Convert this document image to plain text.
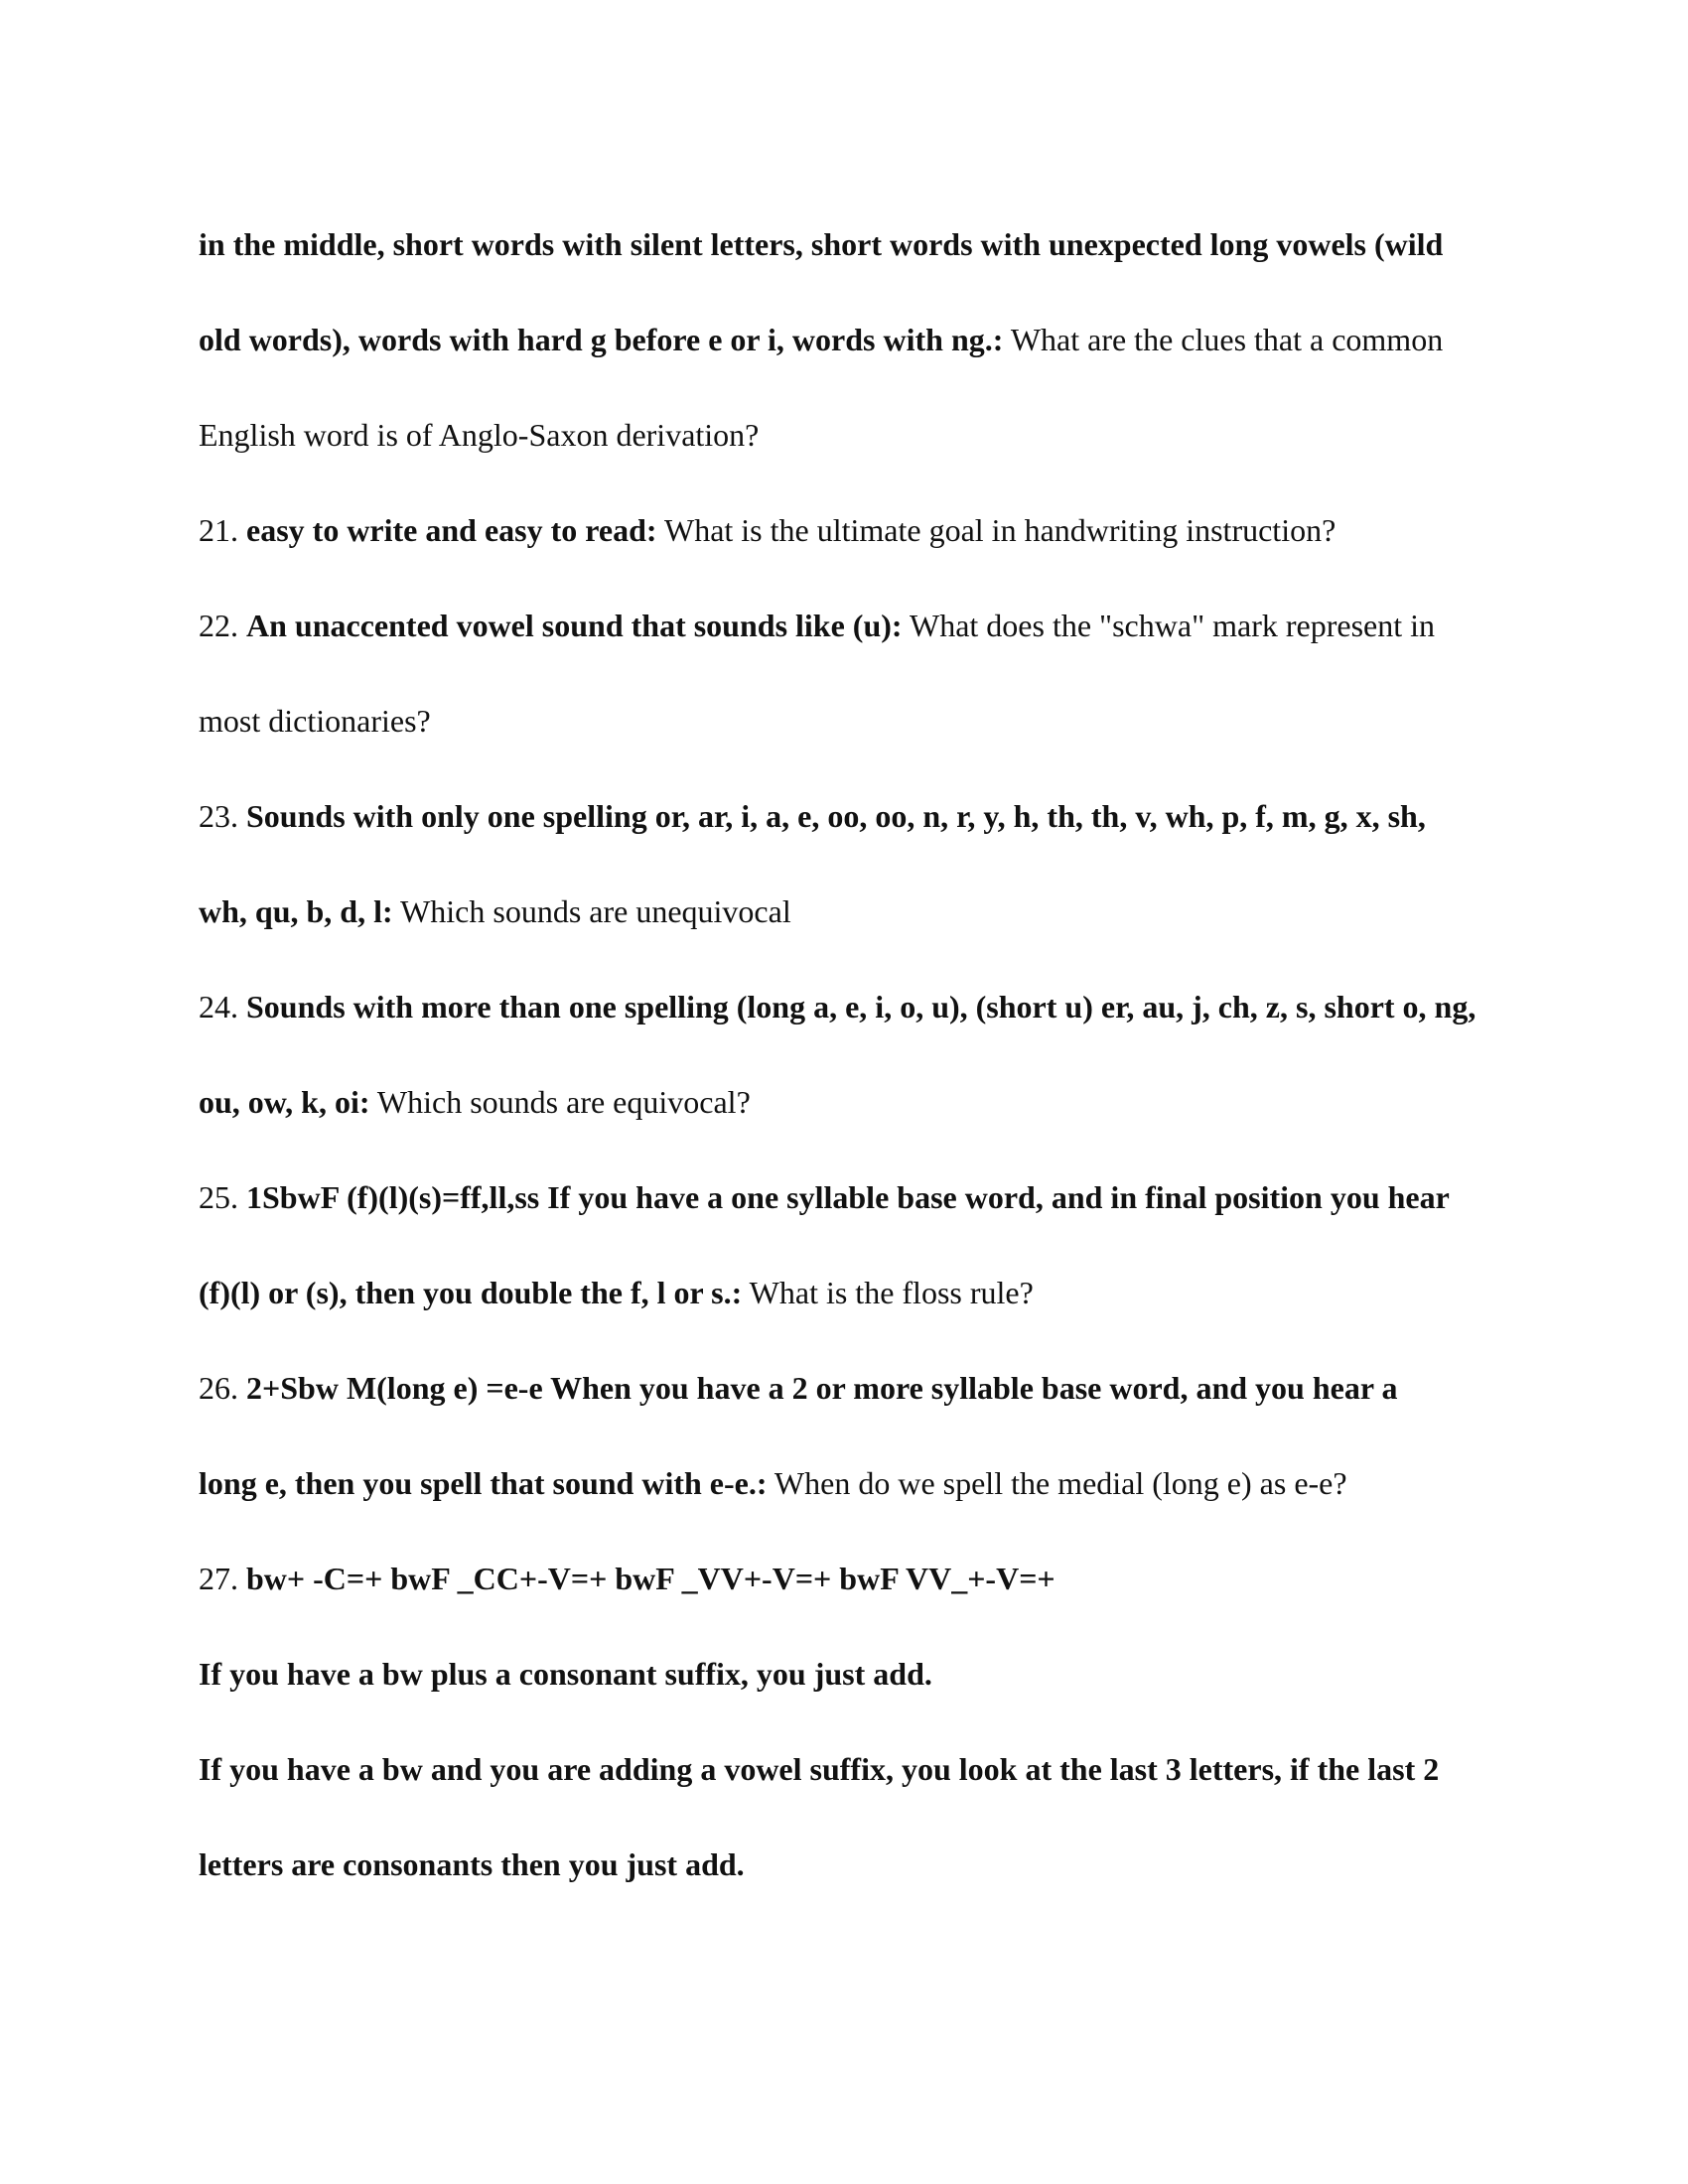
in the middle, short words with silent letters, short words with unexpected long vowels (wild
old words), words with hard g before e or i, words with ng.: What are the clues that a common
English word is of Anglo-Saxon derivation?

21. easy to write and easy to read: What is the ultimate goal in handwriting instruction?

22. An unaccented vowel sound that sounds like (u): What does the "schwa" mark represent in
most dictionaries?

23. Sounds with only one spelling or, ar, i, a, e, oo, oo, n, r, y, h, th, th, v, wh, p, f, m, g, x, sh,
wh, qu, b, d, l: Which sounds are unequivocal

24. Sounds with more than one spelling (long a, e, i, o, u), (short u) er, au, j, ch, z, s, short o, ng,
ou, ow, k, oi: Which sounds are equivocal?

25. 1SbwF (f)(l)(s)=ff,ll,ss If you have a one syllable base word, and in final position you hear
(f)(l) or (s), then you double the f, l or s.: What is the floss rule?

26. 2+Sbw M(long e) =e-e When you have a 2 or more syllable base word, and you hear a
long e, then you spell that sound with e-e.: When do we spell the medial (long e) as e-e?

27. bw+ -C=+ bwF _CC+-V=+ bwF _VV+-V=+ bwF VV_+-V=+
If you have a bw plus a consonant suffix, you just add.
If you have a bw and you are adding a vowel suffix, you look at the last 3 letters, if the last 2
letters are consonants then you just add.
